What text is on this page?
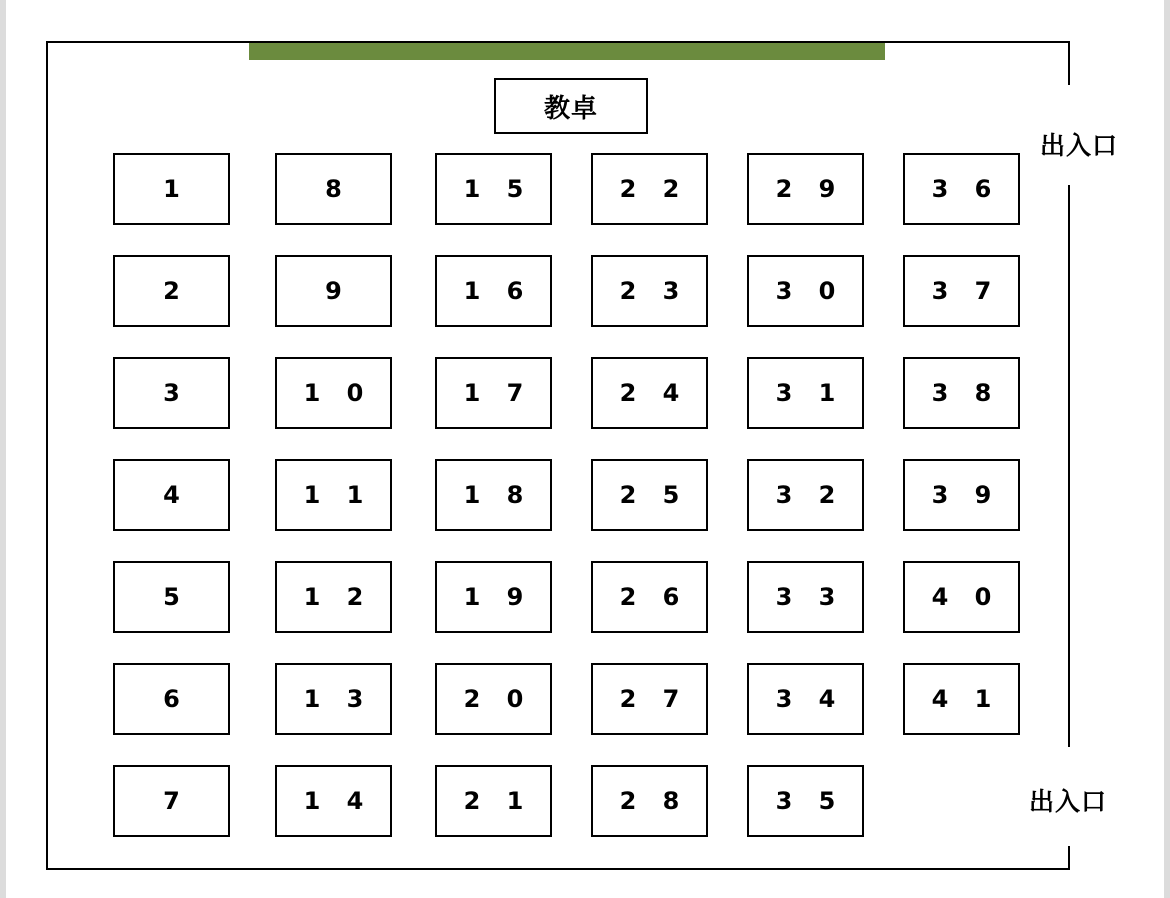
教卓
出入口
出入口
1
2
3
4
5
6
7
8
9
1 0
1 1
1 2
1 3
1 4
1 5
1 6
1 7
1 8
1 9
2 0
2 1
2 2
2 3
2 4
2 5
2 6
2 7
2 8
2 9
3 0
3 1
3 2
3 3
3 4
3 5
3 6
3 7
3 8
3 9
4 0
4 1
